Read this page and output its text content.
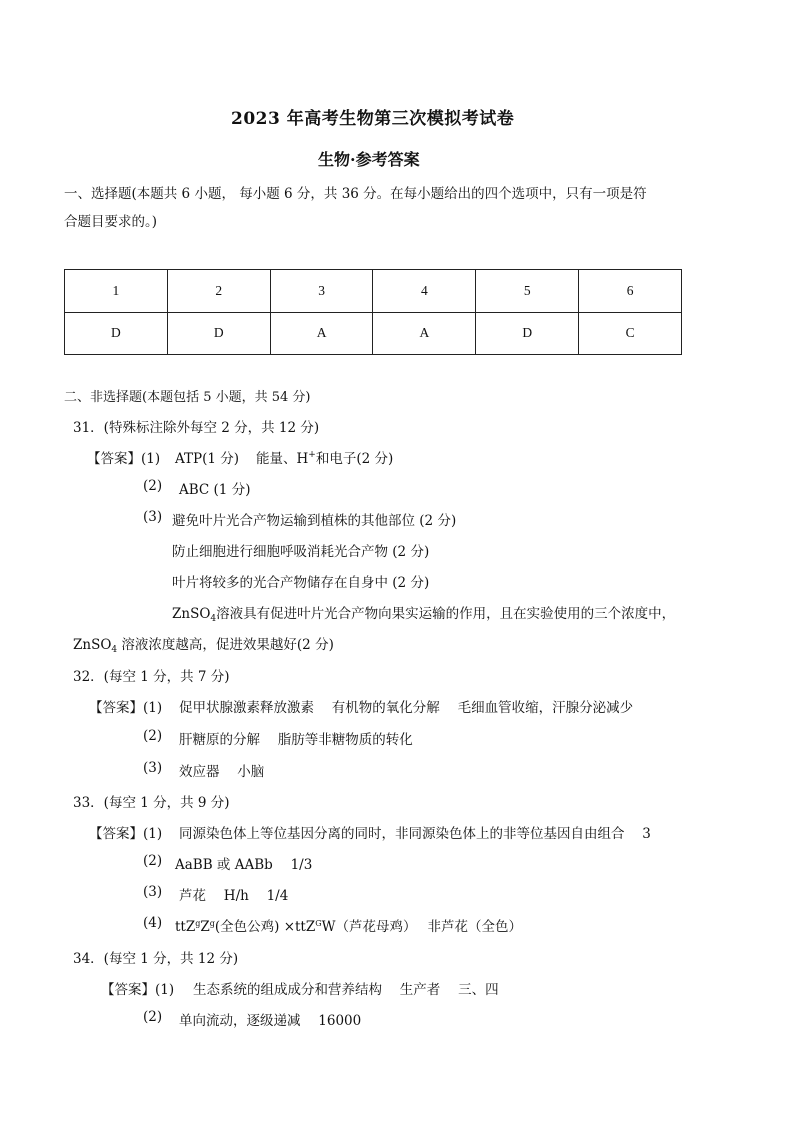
2023 年高考生物第三次模拟考试卷
生物·参考答案
一、选择题(本题共 6 小题， 每小题 6 分，共 36 分。在每小题给出的四个选项中，只有一项是符
合题目要求的。)
1	2	3	4	5	6
D	D	A	A	D	C
二、非选择题(本题包括 5 小题，共 54 分)
31．(特殊标注除外每空 2 分，共 12 分)
【答案】(1) ATP(1 分) 能量、H+和电子(2 分)
(2) ABC (1 分)
(3) 避免叶片光合产物运输到植株的其他部位 (2 分)
防止细胞进行细胞呼吸消耗光合产物 (2 分)
叶片将较多的光合产物储存在自身中 (2 分)
ZnSO$_4$溶液具有促进叶片光合产物向果实运输的作用，且在实验使用的三个浓度中，
ZnSO$_4$ 溶液浓度越高，促进效果越好(2 分)
32．(每空 1 分，共 7 分)
【答案】(1) 促甲状腺激素释放激素　 有机物的氧化分解　 毛细血管收缩，汗腺分泌减少
(2) 肝糖原的分解　 脂肪等非糖物质的转化
(3) 效应器　 小脑
33．(每空 1 分，共 9 分)
【答案】(1) 同源染色体上等位基因分离的同时，非同源染色体上的非等位基因自由组合　 3
(2) AaBB 或 AABb　 1/3
(3) 芦花　 H/h　 1/4
(4) $ttZ^gZ^g$(全色公鸡) ×ttZ$^G$W（芦花母鸡）　 非芦花（全色）
34．(每空 1 分，共 12 分)
【答案】(1) 生态系统的组成成分和营养结构　 生产者　 三、四
(2) 单向流动，逐级递减　 16000
